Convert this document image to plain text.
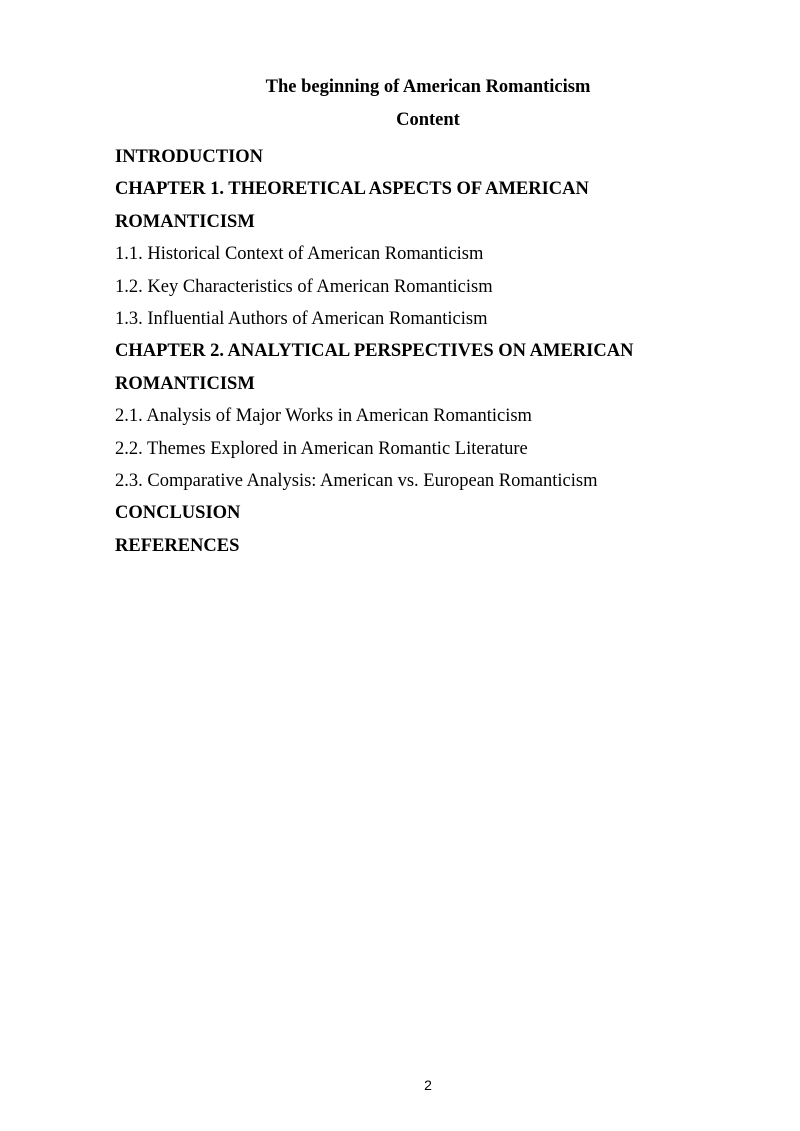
The beginning of American Romanticism
Content
INTRODUCTION
CHAPTER 1. THEORETICAL ASPECTS OF AMERICAN
ROMANTICISM
1.1. Historical Context of American Romanticism
1.2. Key Characteristics of American Romanticism
1.3. Influential Authors of American Romanticism
CHAPTER 2. ANALYTICAL PERSPECTIVES ON AMERICAN
ROMANTICISM
2.1. Analysis of Major Works in American Romanticism
2.2. Themes Explored in American Romantic Literature
2.3. Comparative Analysis: American vs. European Romanticism
CONCLUSION
REFERENCES
2
